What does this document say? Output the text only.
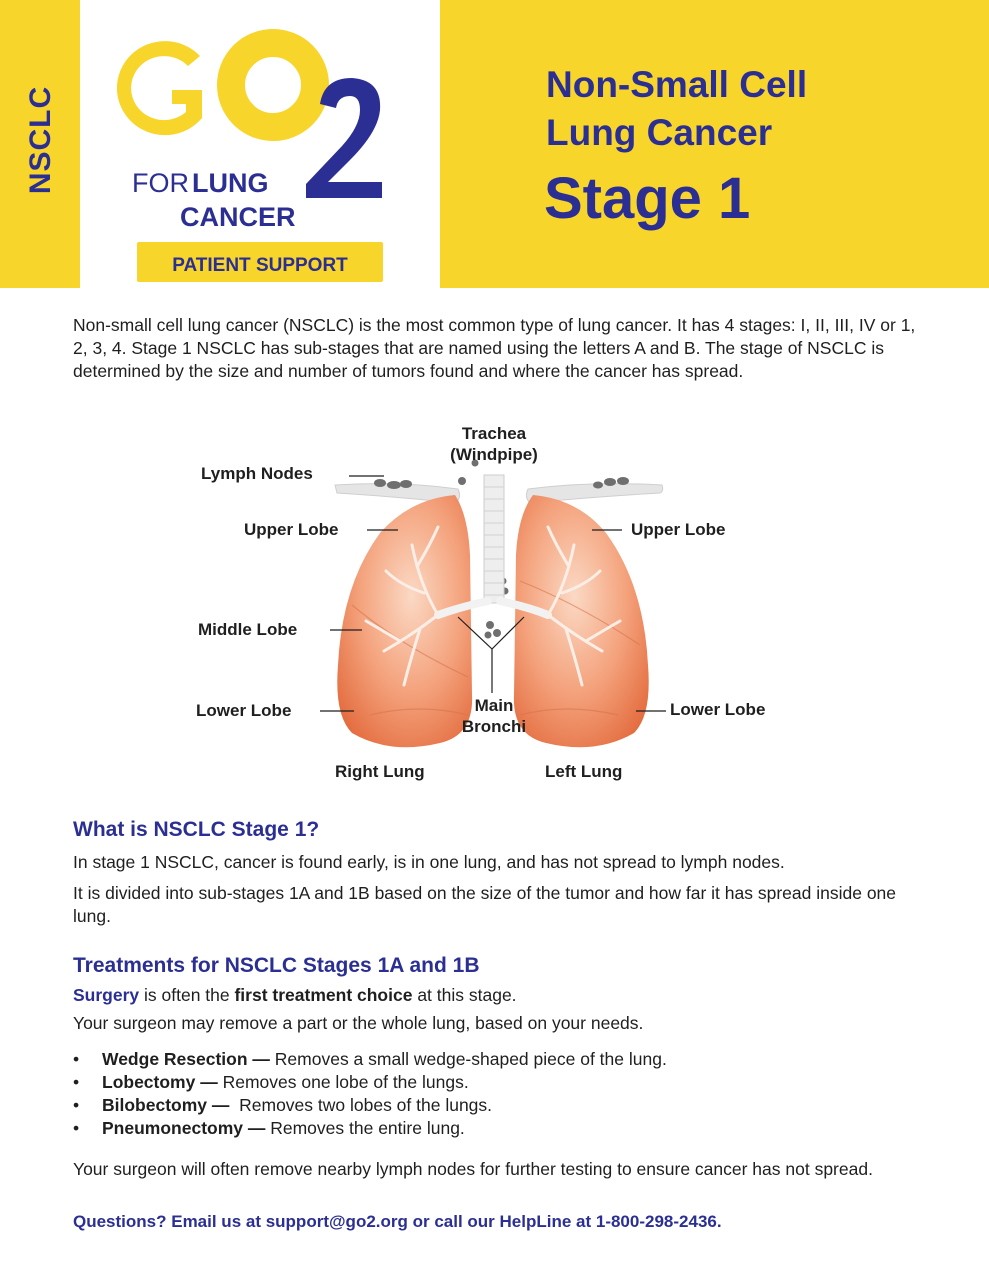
NSCLC	FOR LUNG
CANCER
PATIENT SUPPORT
Non-Small Cell
Lung Cancer
Stage 1

Non-small cell lung cancer (NSCLC) is the most common type of lung cancer. It has 4 stages: I, II, III, IV or 1, 2, 3, 4. Stage 1 NSCLC has sub-stages that are named using the letters A and B. The stage of NSCLC is determined by the size and number of tumors found and where the cancer has spread.

Trachea
(Windpipe)
Lymph Nodes
Upper Lobe	Upper Lobe
Middle Lobe
Lower Lobe	Lower Lobe
Main
Bronchi
Right Lung	Left Lung
What is NSCLC Stage 1?

In stage 1 NSCLC, cancer is found early, is in one lung, and has not spread to lymph nodes.

It is divided into sub-stages 1A and 1B based on the size of the tumor and how far it has spread inside one lung.

Treatments for NSCLC Stages 1A and 1B

Surgery is often the first treatment choice at this stage.

Your surgeon may remove a part or the whole lung, based on your needs.

• Wedge Resection — Removes a small wedge-shaped piece of the lung.
• Lobectomy — Removes one lobe of the lungs.
• Bilobectomy —  Removes two lobes of the lungs.
• Pneumonectomy — Removes the entire lung.

Your surgeon will often remove nearby lymph nodes for further testing to ensure cancer has not spread.

Questions? Email us at support@go2.org or call our HelpLine at 1-800-298-2436.
